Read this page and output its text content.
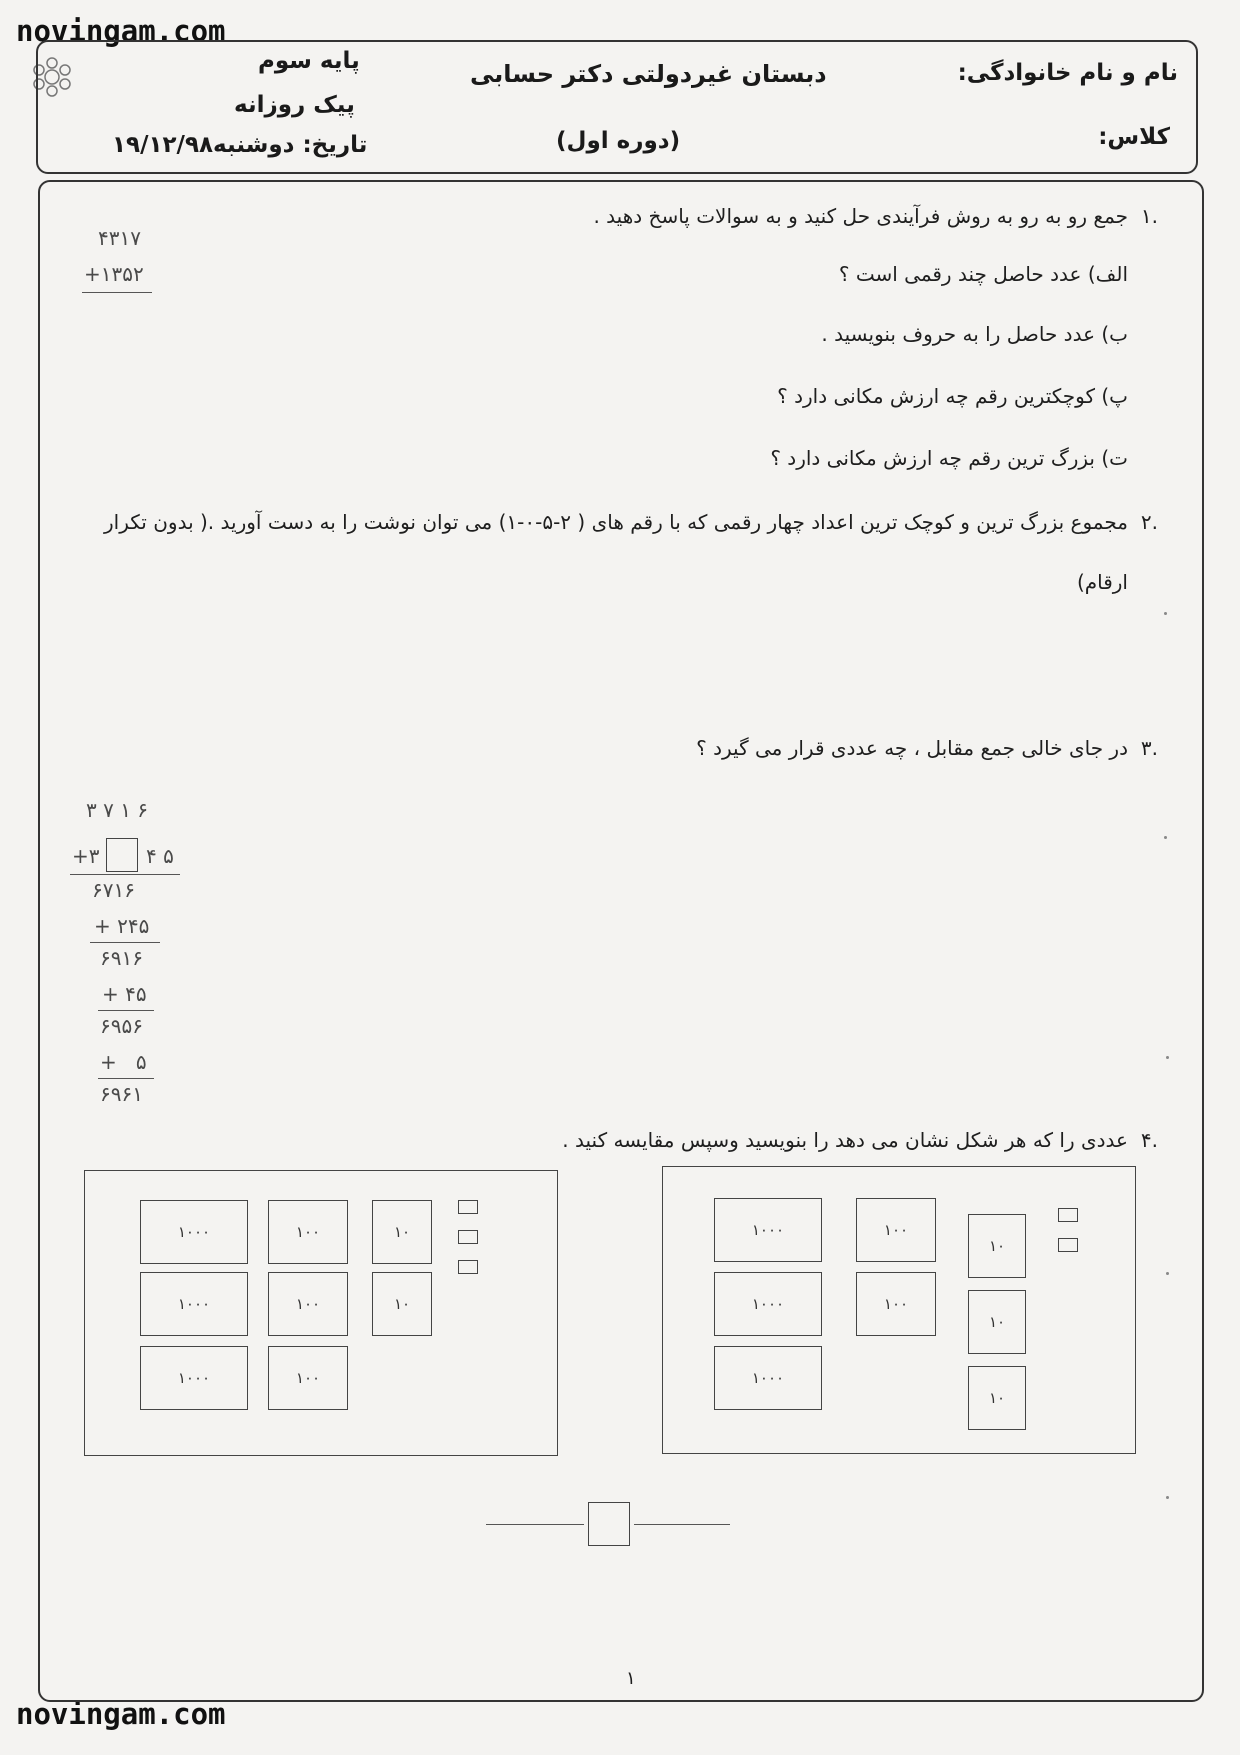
novingam.com
novingam.com
نام و نام خانوادگی:
کلاس:
دبستان غیردولتی دکتر حسابی
(دوره اول)
پایه سوم
پیک روزانه
تاریخ: دوشنبه۱۹/۱۲/۹۸
۱.
جمع رو به رو به روش فرآیندی حل کنید و به سوالات پاسخ دهید .
الف) عدد حاصل چند رقمی است ؟
ب) عدد حاصل را به حروف بنویسید .
پ) کوچکترین رقم چه ارزش مکانی دارد ؟
ت) بزرگ ترین رقم چه ارزش مکانی دارد ؟
۴۳۱۷
+۱۳۵۲
۲.
مجموع بزرگ ترین و کوچک ترین اعداد چهار رقمی که با رقم های ( ۲-۵-۰-۱) می توان نوشت را به دست آورید .( بدون تکرار
ارقام)
۳.
در جای خالی جمع مقابل ، چه عددی قرار می گیرد ؟
۳ ۷ ۱ ۶
+۳ ۴ ۵
۶۷۱۶
+ ۲۴۵
۶۹۱۶
+ ۴۵
۶۹۵۶
+   ۵
۶۹۶۱
۴.
عددی را که هر شکل نشان می دهد را بنویسید وسپس مقایسه کنید .
۱۰۰۰
۱۰۰۰
۱۰۰۰
۱۰۰
۱۰۰
۱۰۰
۱۰
۱۰
۱۰۰۰
۱۰۰۰
۱۰۰۰
۱۰۰
۱۰۰
۱۰
۱۰
۱۰
۱
